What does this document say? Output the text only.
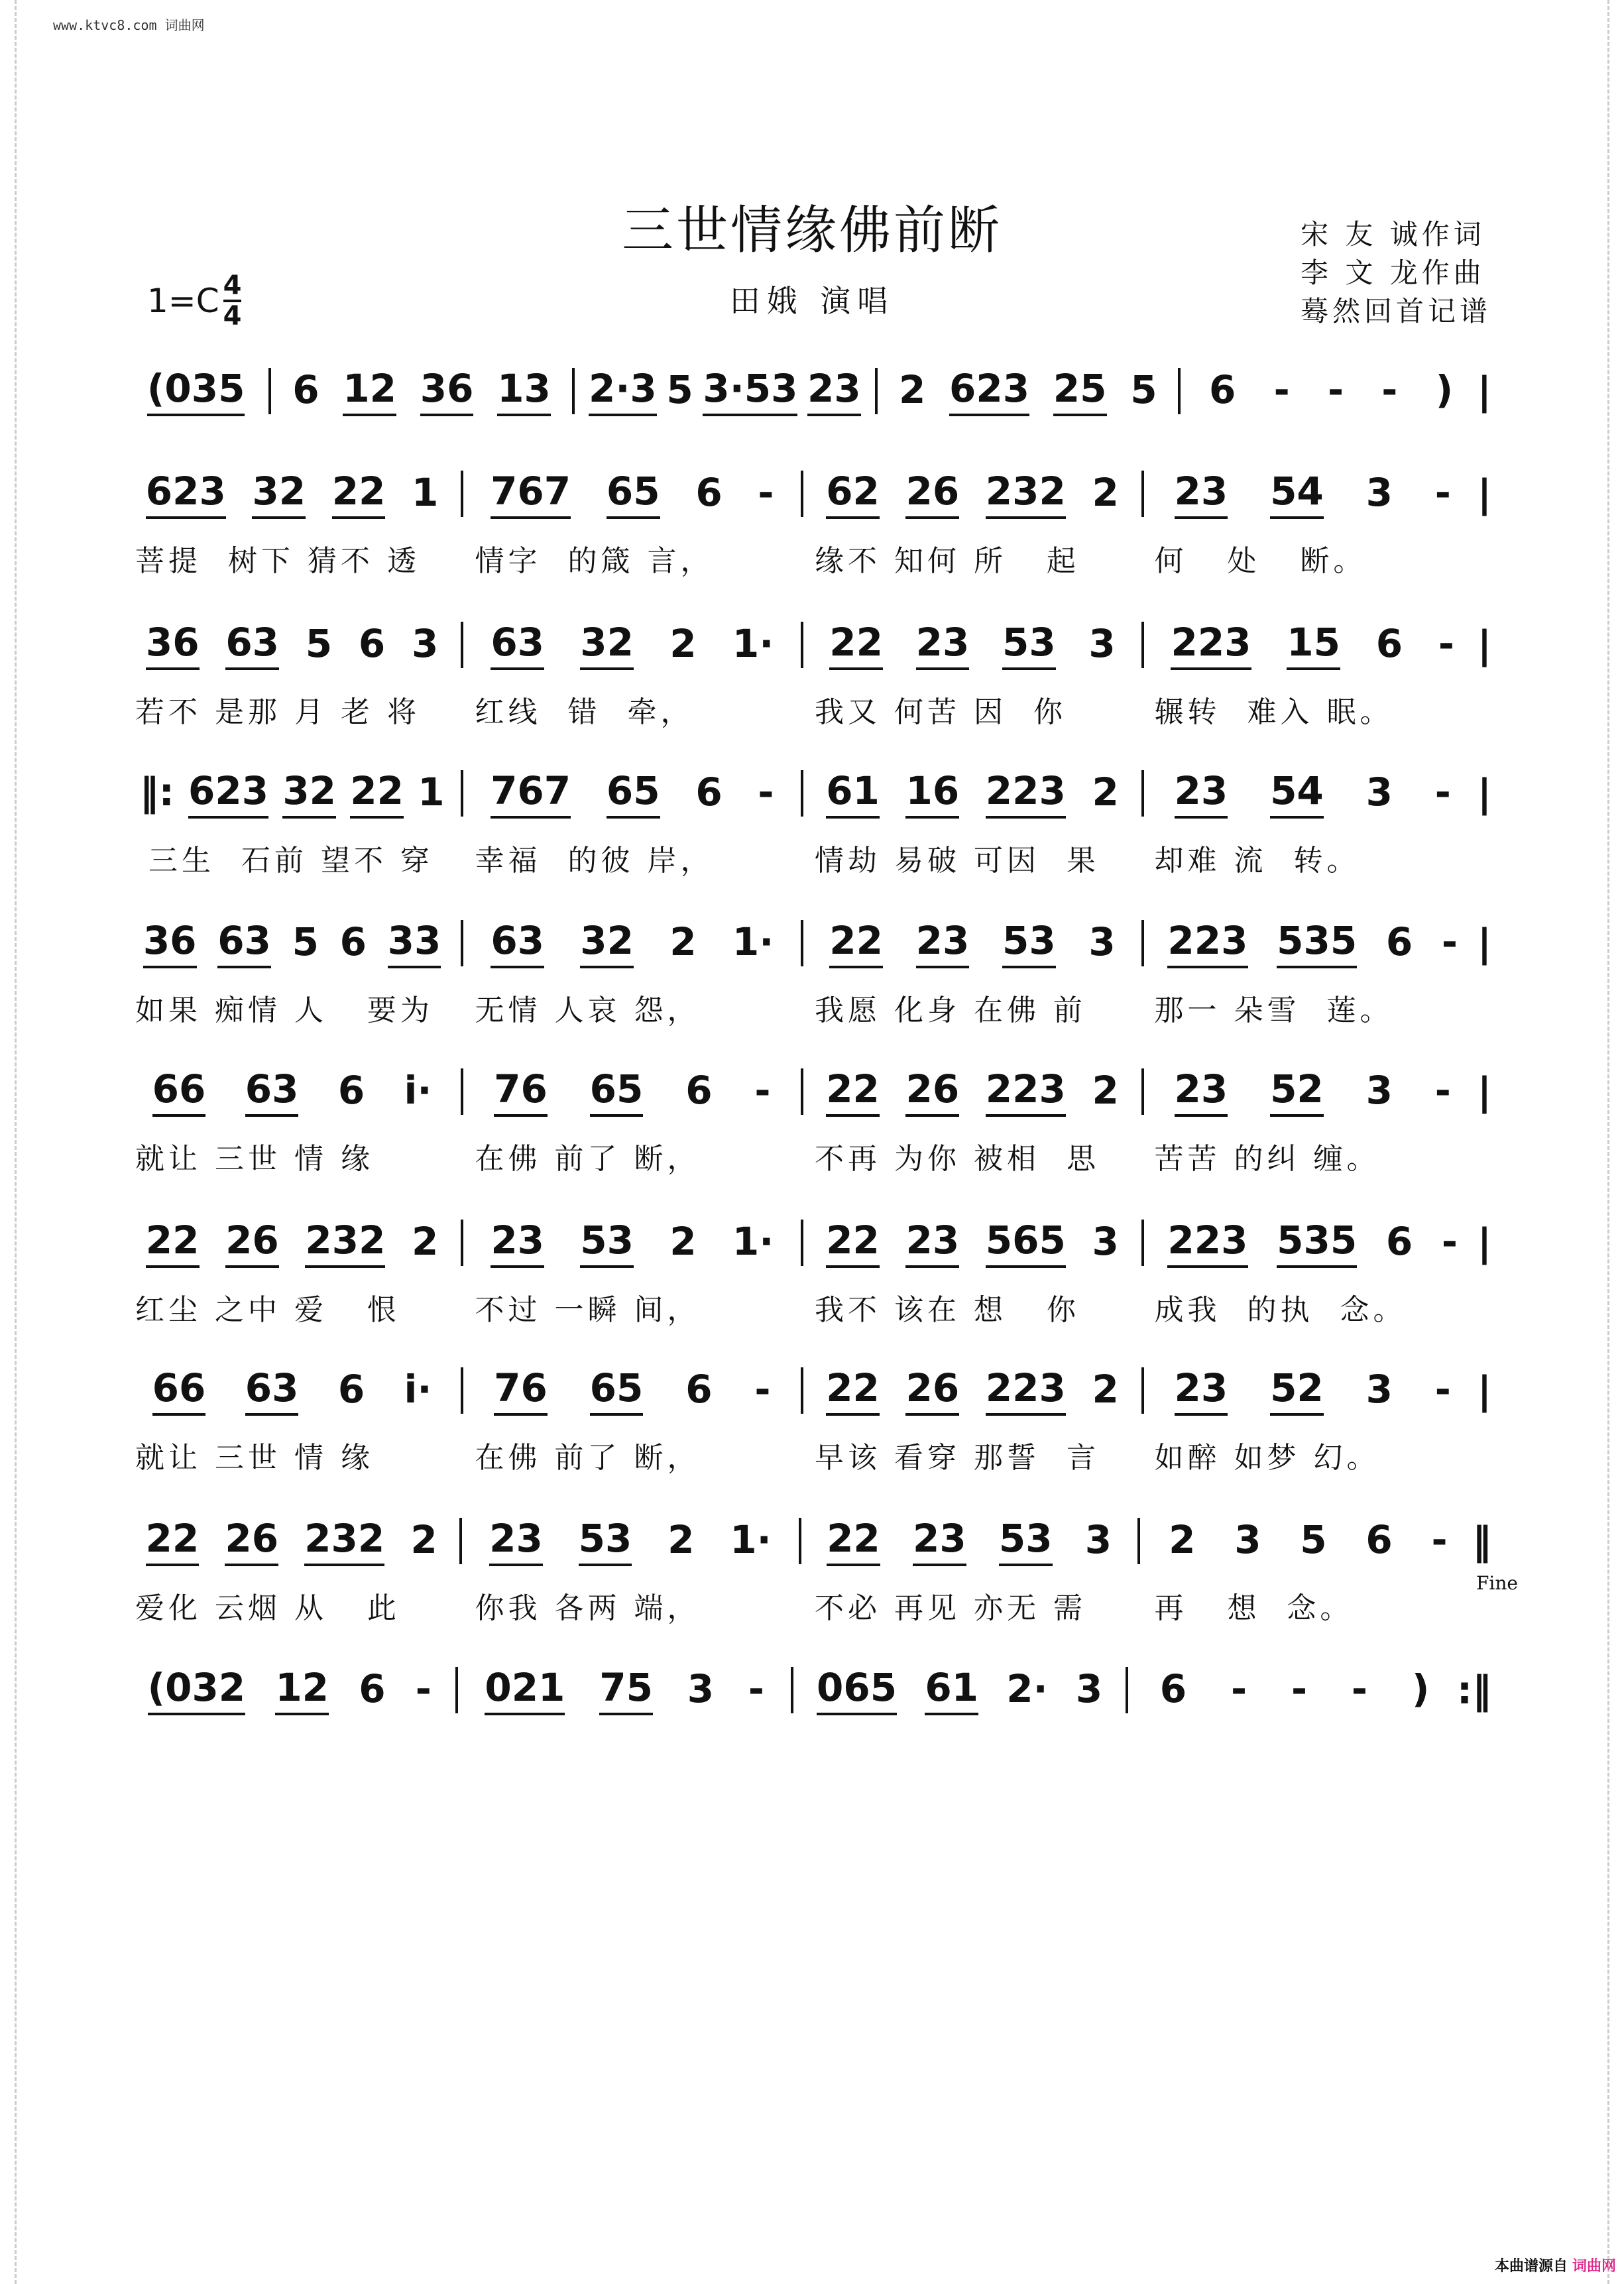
www.ktvc8.com 词曲网
三世情缘佛前断
$1=C \frac{4}{4}$	田娥 演唱
宋 友 诚作词
李 文 龙作曲
蓦然回首记谱
(035 6 12 36 13 2·3 5 3·53 23 2 623 25 5 6 - - - ) |
623 32 22 1 767 65 6 - 62 26 232 2 23 54 3 - |
菩提  树下 猜不 透	情字  的箴 言，	缘不 知何 所   起	何   处   断。
36 63 5 6 3 63 32 2 1· 22 23 53 3 223 15 6 - |
若不 是那 月 老 将	红线  错  牵，	我又 何苦 因  你	辗转  难入 眠。
‖: 623 32 22 1 767 65 6 - 61 16 223 2 23 54 3 - |
三生  石前 望不 穿	幸福  的彼 岸，	情劫 易破 可因  果	却难 流  转。
36 63 5 6 33 63 32 2 1· 22 23 53 3 223 535 6 - |
如果 痴情 人   要为	无情 人哀 怨，	我愿 化身 在佛 前	那一 朵雪  莲。
66 63 6 i· 76 65 6 - 22 26 223 2 23 52 3 - |
就让 三世 情 缘	在佛 前了 断，	不再 为你 被相  思	苦苦 的纠 缠。
22 26 232 2 23 53 2 1· 22 23 565 3 223 535 6 - |
红尘 之中 爱   恨	不过 一瞬 间，	我不 该在 想   你	成我  的执  念。
66 63 6 i· 76 65 6 - 22 26 223 2 23 52 3 - |
就让 三世 情 缘	在佛 前了 断，	早该 看穿 那誓  言	如醉 如梦 幻。
22 26 232 2 23 53 2 1· 22 23 53 3 2 3 5 6 - ‖
爱化 云烟 从   此	你我 各两 端，	不必 再见 亦无 需	再   想  念。
Fine
(032 12 6 - 021 75 3 - 065 61 2· 3 6 - - - ) :‖
本曲谱源自 词曲网
